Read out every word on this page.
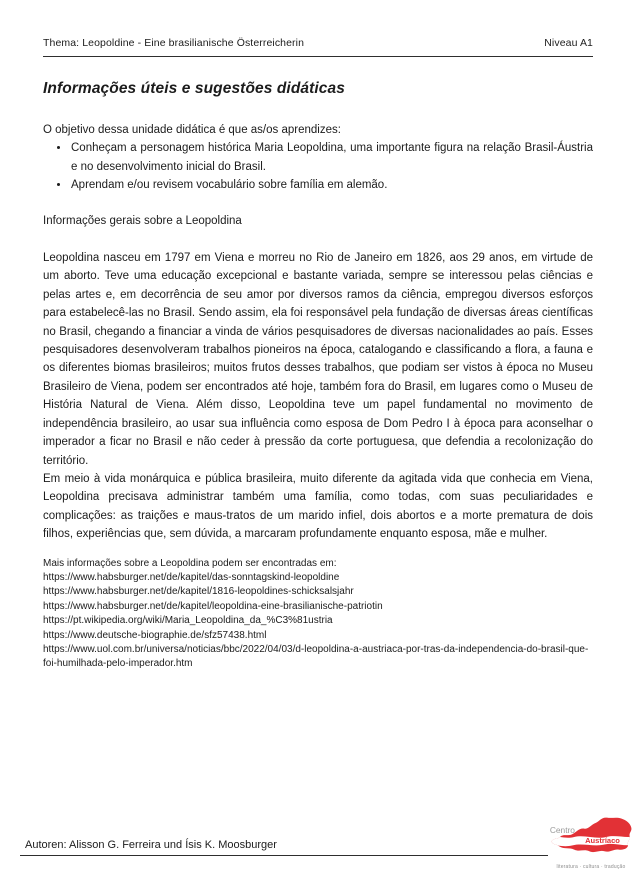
Thema: Leopoldine - Eine brasilianische Österreicherin	Niveau A1
Informações úteis e sugestões didáticas
O objetivo dessa unidade didática é que as/os aprendizes:
• Conheçam a personagem histórica Maria Leopoldina, uma importante figura na relação Brasil-Áustria e no desenvolvimento inicial do Brasil.
• Aprendam e/ou revisem vocabulário sobre família em alemão.
Informações gerais sobre a Leopoldina

Leopoldina nasceu em 1797 em Viena e morreu no Rio de Janeiro em 1826, aos 29 anos, em virtude de um aborto. Teve uma educação excepcional e bastante variada, sempre se interessou pelas ciências e pelas artes e, em decorrência de seu amor por diversos ramos da ciência, empregou diversos esforços para estabelecê-las no Brasil. Sendo assim, ela foi responsável pela fundação de diversas áreas científicas no Brasil, chegando a financiar a vinda de vários pesquisadores de diversas nacionalidades ao país. Esses pesquisadores desenvolveram trabalhos pioneiros na época, catalogando e classificando a flora, a fauna e os diferentes biomas brasileiros; muitos frutos desses trabalhos, que podiam ser vistos à época no Museu Brasileiro de Viena, podem ser encontrados até hoje, também fora do Brasil, em lugares como o Museu de História Natural de Viena. Além disso, Leopoldina teve um papel fundamental no movimento de independência brasileiro, ao usar sua influência como esposa de Dom Pedro I à época para aconselhar o imperador a ficar no Brasil e não ceder à pressão da corte portuguesa, que defendia a recolonização do território.

Em meio à vida monárquica e pública brasileira, muito diferente da agitada vida que conhecia em Viena, Leopoldina precisava administrar também uma família, como todas, com suas peculiaridades e complicações: as traições e maus-tratos de um marido infiel, dois abortos e a morte prematura de dois filhos, experiências que, sem dúvida, a marcaram profundamente enquanto esposa, mãe e mulher.

Mais informações sobre a Leopoldina podem ser encontradas em:
https://www.habsburger.net/de/kapitel/das-sonntagskind-leopoldine
https://www.habsburger.net/de/kapitel/1816-leopoldines-schicksalsjahr
https://www.habsburger.net/de/kapitel/leopoldina-eine-brasilianische-patriotin
https://pt.wikipedia.org/wiki/Maria_Leopoldina_da_%C3%81ustria
https://www.deutsche-biographie.de/sfz57438.html
https://www.uol.com.br/universa/noticias/bbc/2022/04/03/d-leopoldina-a-austriaca-por-tras-da-independencia-do-brasil-que-foi-humilhada-pelo-imperador.htm
Autoren: Alisson G. Ferreira und Ísis K. Moosburger
Centro
Austríaco
literatura · cultura · tradução
